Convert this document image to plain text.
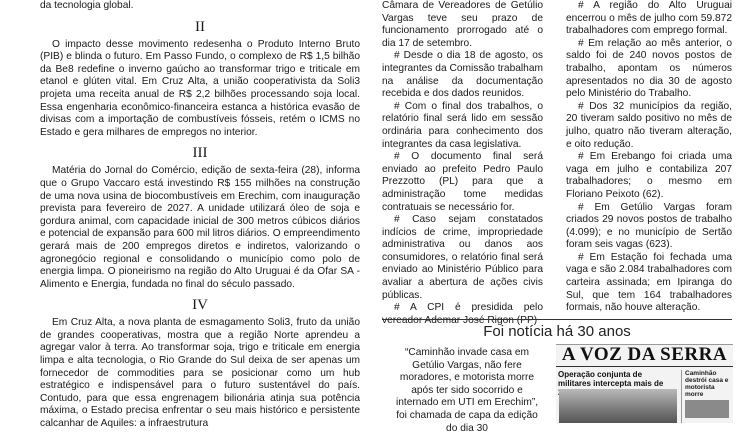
da tecnologia global.

II

O impacto desse movimento redesenha o Produto Interno Bruto (PIB) e blinda o futuro. Em Passo Fundo, o complexo de R$ 1,5 bilhão da Be8 redefine o inverno gaúcho ao transformar trigo e triticale em etanol e glúten vital. Em Cruz Alta, a união cooperativista da Soli3 projeta uma receita anual de R$ 2,2 bilhões processando soja local. Essa engenharia econômico-financeira estanca a histórica evasão de divisas com a importação de combustíveis fósseis, retém o ICMS no Estado e gera milhares de empregos no interior.

III

Matéria do Jornal do Comércio, edição de sexta-feira (28), informa que o Grupo Vaccaro está investindo R$ 155 milhões na construção de uma nova usina de biocombustíveis em Erechim, com inauguração prevista para fevereiro de 2027. A unidade utilizará óleo de soja e gordura animal, com capacidade inicial de 300 metros cúbicos diários e potencial de expansão para 600 mil litros diários. O empreendimento gerará mais de 200 empregos diretos e indiretos, valorizando o agronegócio regional e consolidando o município como polo de energia limpa. O pioneirismo na região do Alto Uruguai é da Ofar SA - Alimento e Energia, fundada no final do século passado.

IV

Em Cruz Alta, a nova planta de esmagamento Soli3, fruto da união de grandes cooperativas, mostra que a região Norte aprendeu a agregar valor à terra. Ao transformar soja, trigo e triticale em energia limpa e alta tecnologia, o Rio Grande do Sul deixa de ser apenas um fornecedor de commodities para se posicionar como um hub estratégico e indispensável para o futuro sustentável do país. Contudo, para que essa engrenagem bilionária atinja sua potência máxima, o Estado precisa enfrentar o seu mais histórico e persistente calcanhar de Aquiles: a infraestrutura

Câmara de Vereadores de Getúlio Vargas teve seu prazo de funcionamento prorrogado até o dia 17 de setembro.

# Desde o dia 18 de agosto, os integrantes da Comissão trabalham na análise da documentação recebida e dos dados reunidos.

# Com o final dos trabalhos, o relatório final será lido em sessão ordinária para conhecimento dos integrantes da casa legislativa.

# O documento final será enviado ao prefeito Pedro Paulo Prezzotto (PL) para que a administração tome medidas contratuais se necessário for.

# Caso sejam constatados indícios de crime, impropriedade administrativa ou danos aos consumidores, o relatório final será enviado ao Ministério Público para avaliar a abertura de ações civis públicas.

# A CPI é presidida pelo vereador Ademar José Rigon (PP)

# A região do Alto Uruguai encerrou o mês de julho com 59.872 trabalhadores com emprego formal.

# Em relação ao mês anterior, o saldo foi de 240 novos postos de trabalho, apontam os números apresentados no dia 30 de agosto pelo Ministério do Trabalho.

# Dos 32 municípios da região, 20 tiveram saldo positivo no mês de julho, quatro não tiveram alteração, e oito redução.

# Em Erebango foi criada uma vaga em julho e contabiliza 207 trabalhadores; o mesmo em Floriano Peixoto (62).

# Em Getúlio Vargas foram criados 29 novos postos de trabalho (4.099); e no município de Sertão foram seis vagas (623).

# Em Estação foi fechada uma vaga e são 2.084 trabalhadores com carteira assinada; em Ipiranga do Sul, que tem 164 trabalhadores formais, não houve alteração.

Foi notícia há 30 anos
“Caminhão invade casa em Getúlio Vargas, não fere moradores, e motorista morre após ter sido socorrido e internado em UTI em Erechim”, foi chamada de capa da edição do dia 30
A VOZ DA SERRA
Operação conjunta de militares intercepta mais de
Caminhão destrói casa e motorista morre
